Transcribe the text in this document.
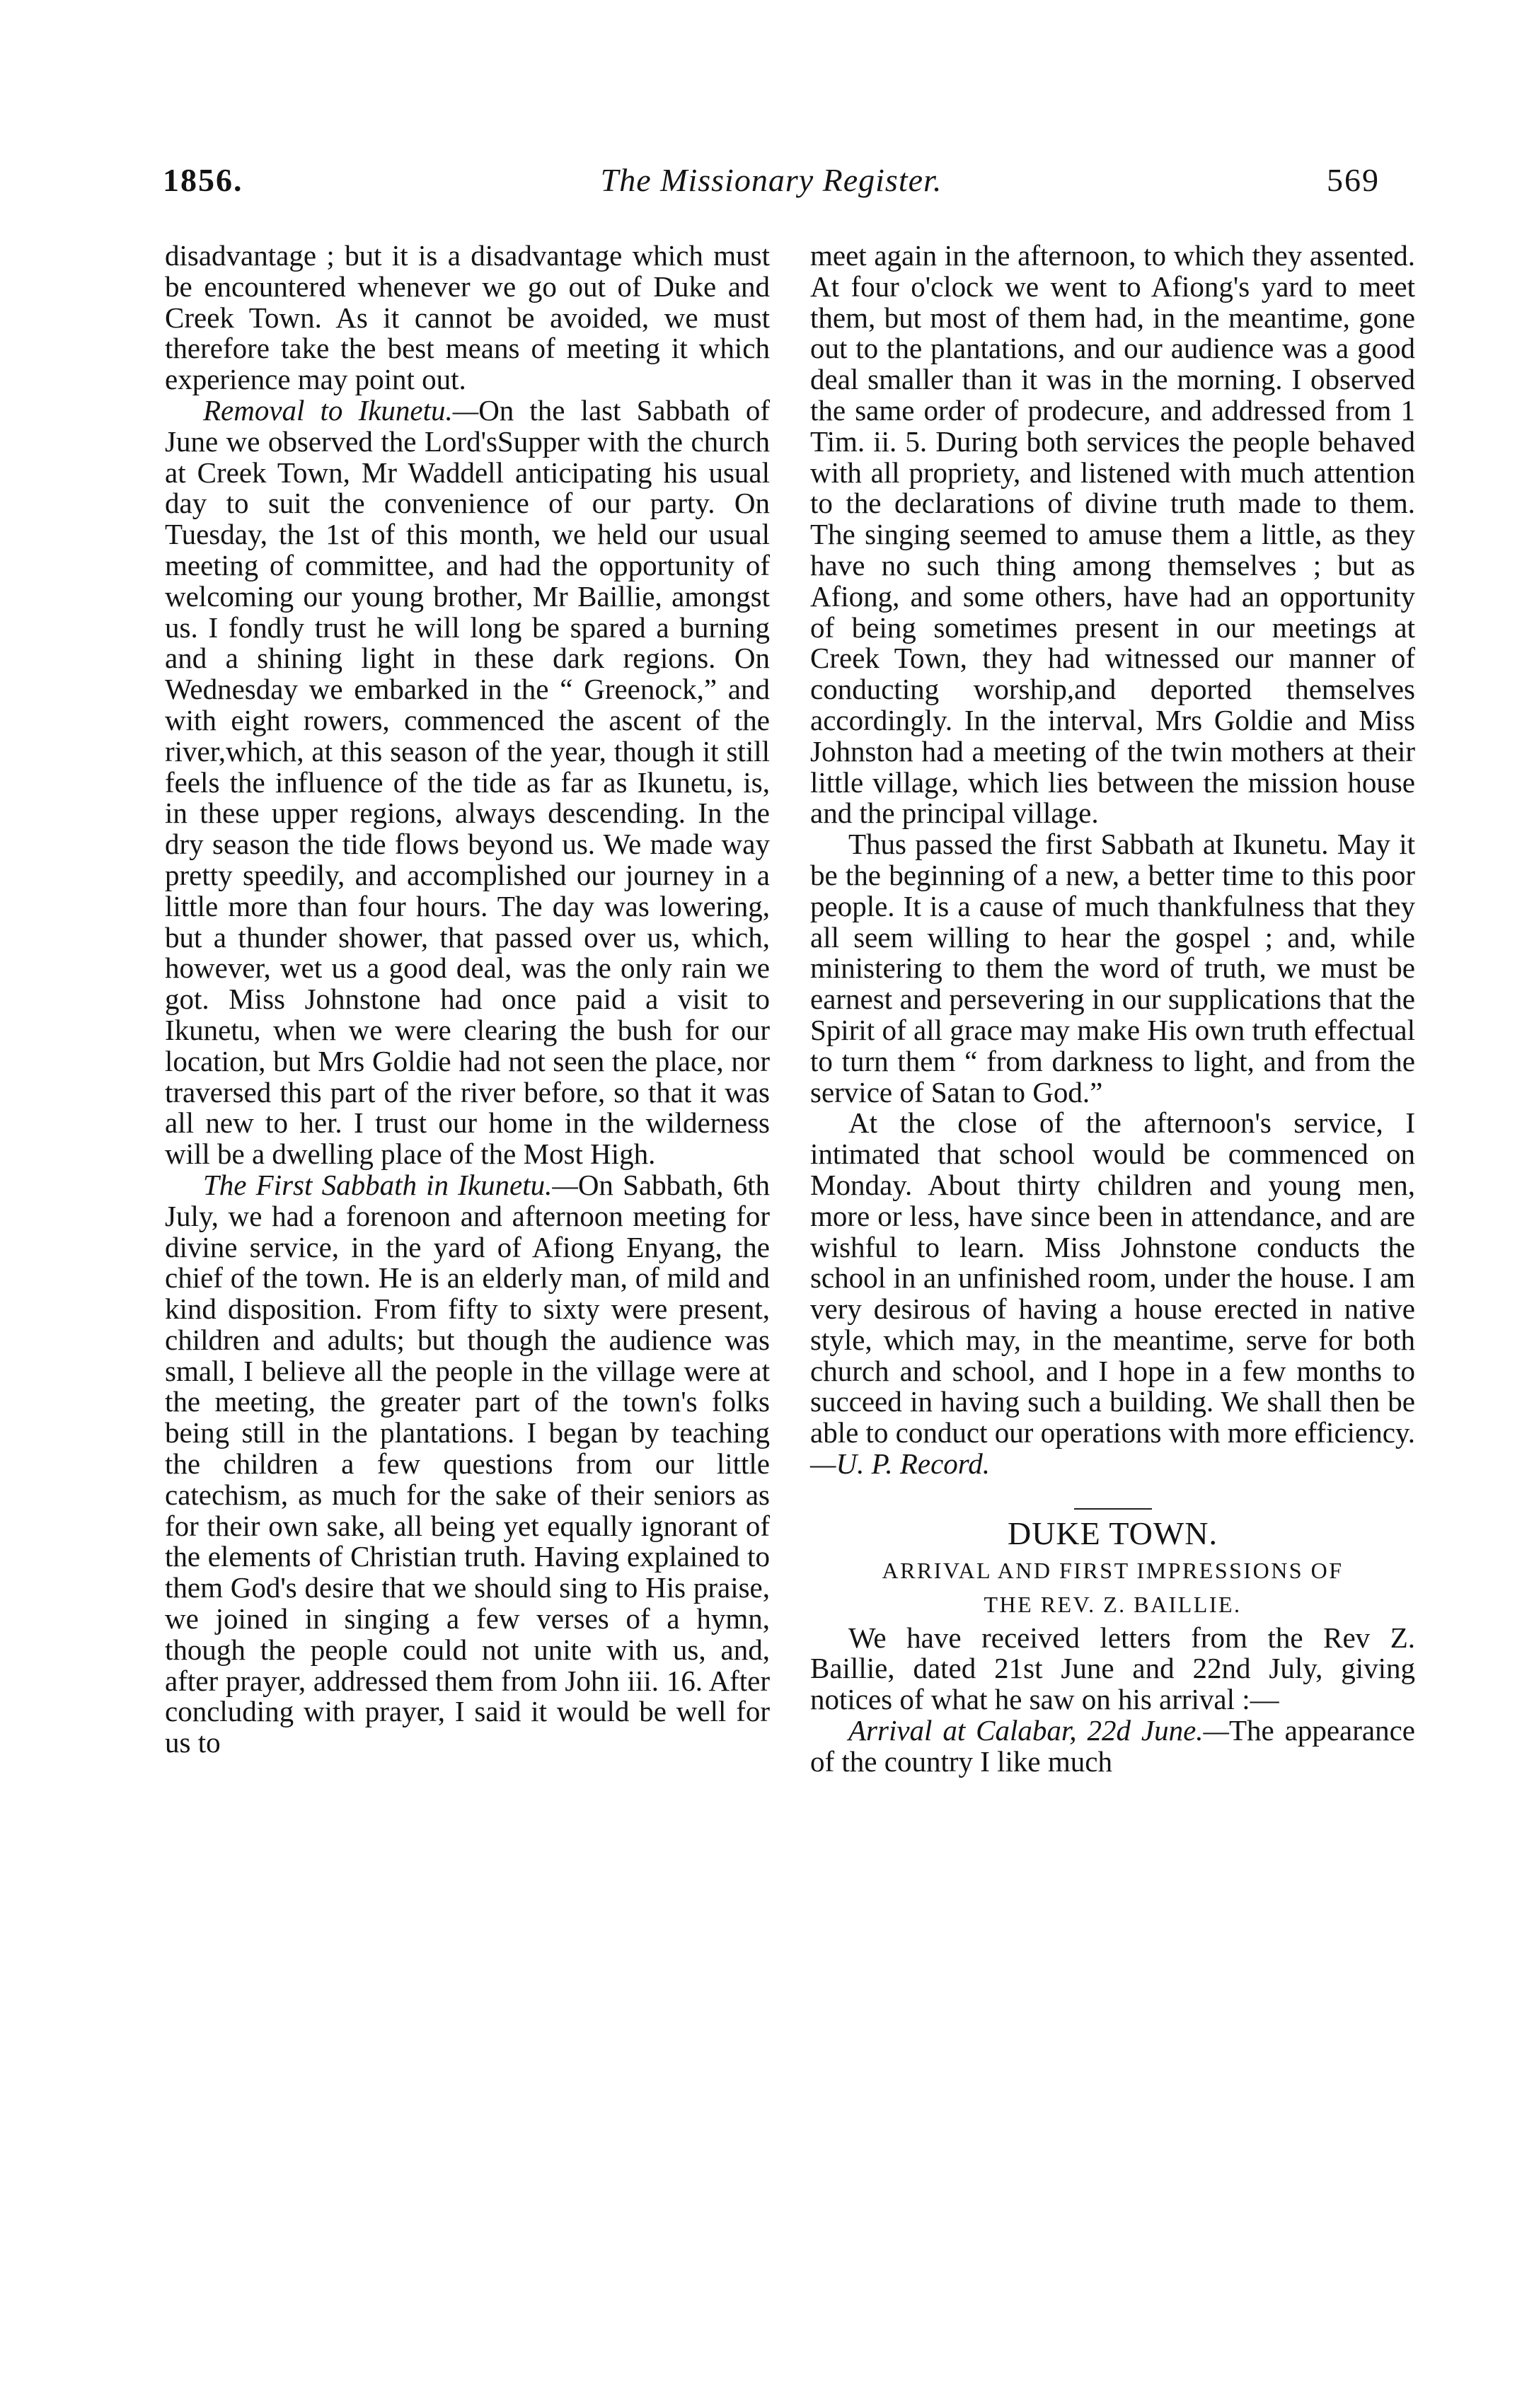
1856.	The Missionary Register.	569

disadvantage ; but it is a disadvantage which must be encountered whenever we go out of Duke and Creek Town. As it cannot be avoided, we must therefore take the best means of meeting it which experience may point out.

Removal to Ikunetu.—On the last Sabbath of June we observed the Lord'sSupper with the church at Creek Town, Mr Waddell anticipating his usual day to suit the convenience of our party. On Tuesday, the 1st of this month, we held our usual meeting of committee, and had the opportunity of welcoming our young brother, Mr Baillie, amongst us. I fondly trust he will long be spared a burning and a shining light in these dark regions. On Wednesday we embarked in the “ Greenock,” and with eight rowers, commenced the ascent of the river,which, at this season of the year, though it still feels the influence of the tide as far as Ikunetu, is, in these upper regions, always descending. In the dry season the tide flows beyond us. We made way pretty speedily, and accomplished our journey in a little more than four hours. The day was lowering, but a thunder shower, that passed over us, which, however, wet us a good deal, was the only rain we got. Miss Johnstone had once paid a visit to Ikunetu, when we were clearing the bush for our location, but Mrs Goldie had not seen the place, nor traversed this part of the river before, so that it was all new to her. I trust our home in the wilderness will be a dwelling place of the Most High.

The First Sabbath in Ikunetu.—On Sabbath, 6th July, we had a forenoon and afternoon meeting for divine service, in the yard of Afiong Enyang, the chief of the town. He is an elderly man, of mild and kind disposition. From fifty to sixty were present, children and adults; but though the audience was small, I believe all the people in the village were at the meeting, the greater part of the town's folks being still in the plantations. I began by teaching the children a few questions from our little catechism, as much for the sake of their seniors as for their own sake, all being yet equally ignorant of the elements of Christian truth. Having explained to them God's desire that we should sing to His praise, we joined in singing a few verses of a hymn, though the people could not unite with us, and, after prayer, addressed them from John iii. 16. After concluding with prayer, I said it would be well for us to

meet again in the afternoon, to which they assented. At four o'clock we went to Afiong's yard to meet them, but most of them had, in the meantime, gone out to the plantations, and our audience was a good deal smaller than it was in the morning. I observed the same order of prodecure, and addressed from 1 Tim. ii. 5. During both services the people behaved with all propriety, and listened with much attention to the declarations of divine truth made to them. The singing seemed to amuse them a little, as they have no such thing among themselves ; but as Afiong, and some others, have had an opportunity of being sometimes present in our meetings at Creek Town, they had witnessed our manner of conducting worship,and deported themselves accordingly. In the interval, Mrs Goldie and Miss Johnston had a meeting of the twin mothers at their little village, which lies between the mission house and the principal village.

Thus passed the first Sabbath at Ikunetu. May it be the beginning of a new, a better time to this poor people. It is a cause of much thankfulness that they all seem willing to hear the gospel ; and, while ministering to them the word of truth, we must be earnest and persevering in our supplications that the Spirit of all grace may make His own truth effectual to turn them “ from darkness to light, and from the service of Satan to God.”

At the close of the afternoon's service, I intimated that school would be commenced on Monday. About thirty children and young men, more or less, have since been in attendance, and are wishful to learn. Miss Johnstone conducts the school in an unfinished room, under the house. I am very desirous of having a house erected in native style, which may, in the meantime, serve for both church and school, and I hope in a few months to succeed in having such a building. We shall then be able to conduct our operations with more efficiency. —U. P. Record.

DUKE TOWN.
ARRIVAL AND FIRST IMPRESSIONS OF
THE REV. Z. BAILLIE.

We have received letters from the Rev Z. Baillie, dated 21st June and 22nd July, giving notices of what he saw on his arrival :—

Arrival at Calabar, 22d June.—The appearance of the country I like much
